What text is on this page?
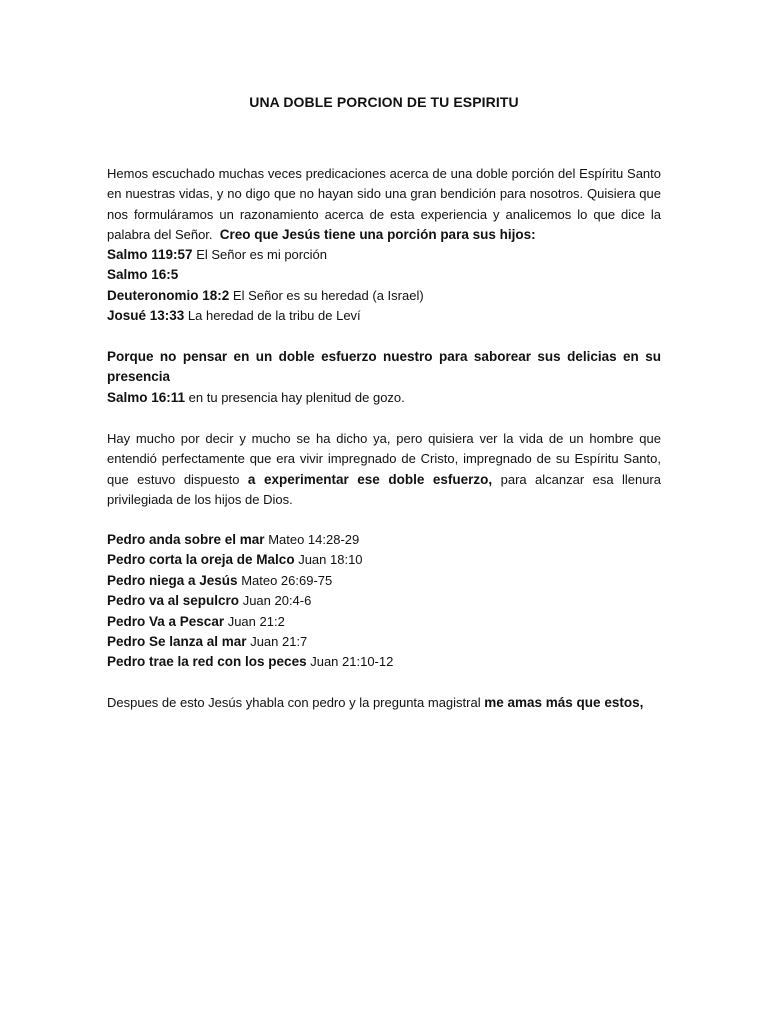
UNA DOBLE PORCION DE TU ESPIRITU

Hemos escuchado muchas veces predicaciones acerca de una doble porción del Espíritu Santo en nuestras vidas, y no digo que no hayan sido una gran bendición para nosotros. Quisiera que nos formuláramos un razonamiento acerca de esta experiencia y analicemos lo que dice la palabra del Señor. Creo que Jesús tiene una porción para sus hijos:

Salmo 119:57 El Señor es mi porción

Salmo 16:5

Deuteronomio 18:2 El Señor es su heredad (a Israel)

Josué 13:33 La heredad de la tribu de Leví

Porque no pensar en un doble esfuerzo nuestro para saborear sus delicias en su presencia

Salmo 16:11 en tu presencia hay plenitud de gozo.

Hay mucho por decir y mucho se ha dicho ya, pero quisiera ver la vida de un hombre que entendió perfectamente que era vivir impregnado de Cristo, impregnado de su Espíritu Santo, que estuvo dispuesto a experimentar ese doble esfuerzo, para alcanzar esa llenura privilegiada de los hijos de Dios.

Pedro anda sobre el mar Mateo 14:28-29

Pedro corta la oreja de Malco Juan 18:10

Pedro niega a Jesús Mateo 26:69-75

Pedro va al sepulcro Juan 20:4-6

Pedro Va a Pescar Juan 21:2

Pedro Se lanza al mar Juan 21:7

Pedro trae la red con los peces Juan 21:10-12

Despues de esto Jesús yhabla con pedro y la pregunta magistral me amas más que estos,
